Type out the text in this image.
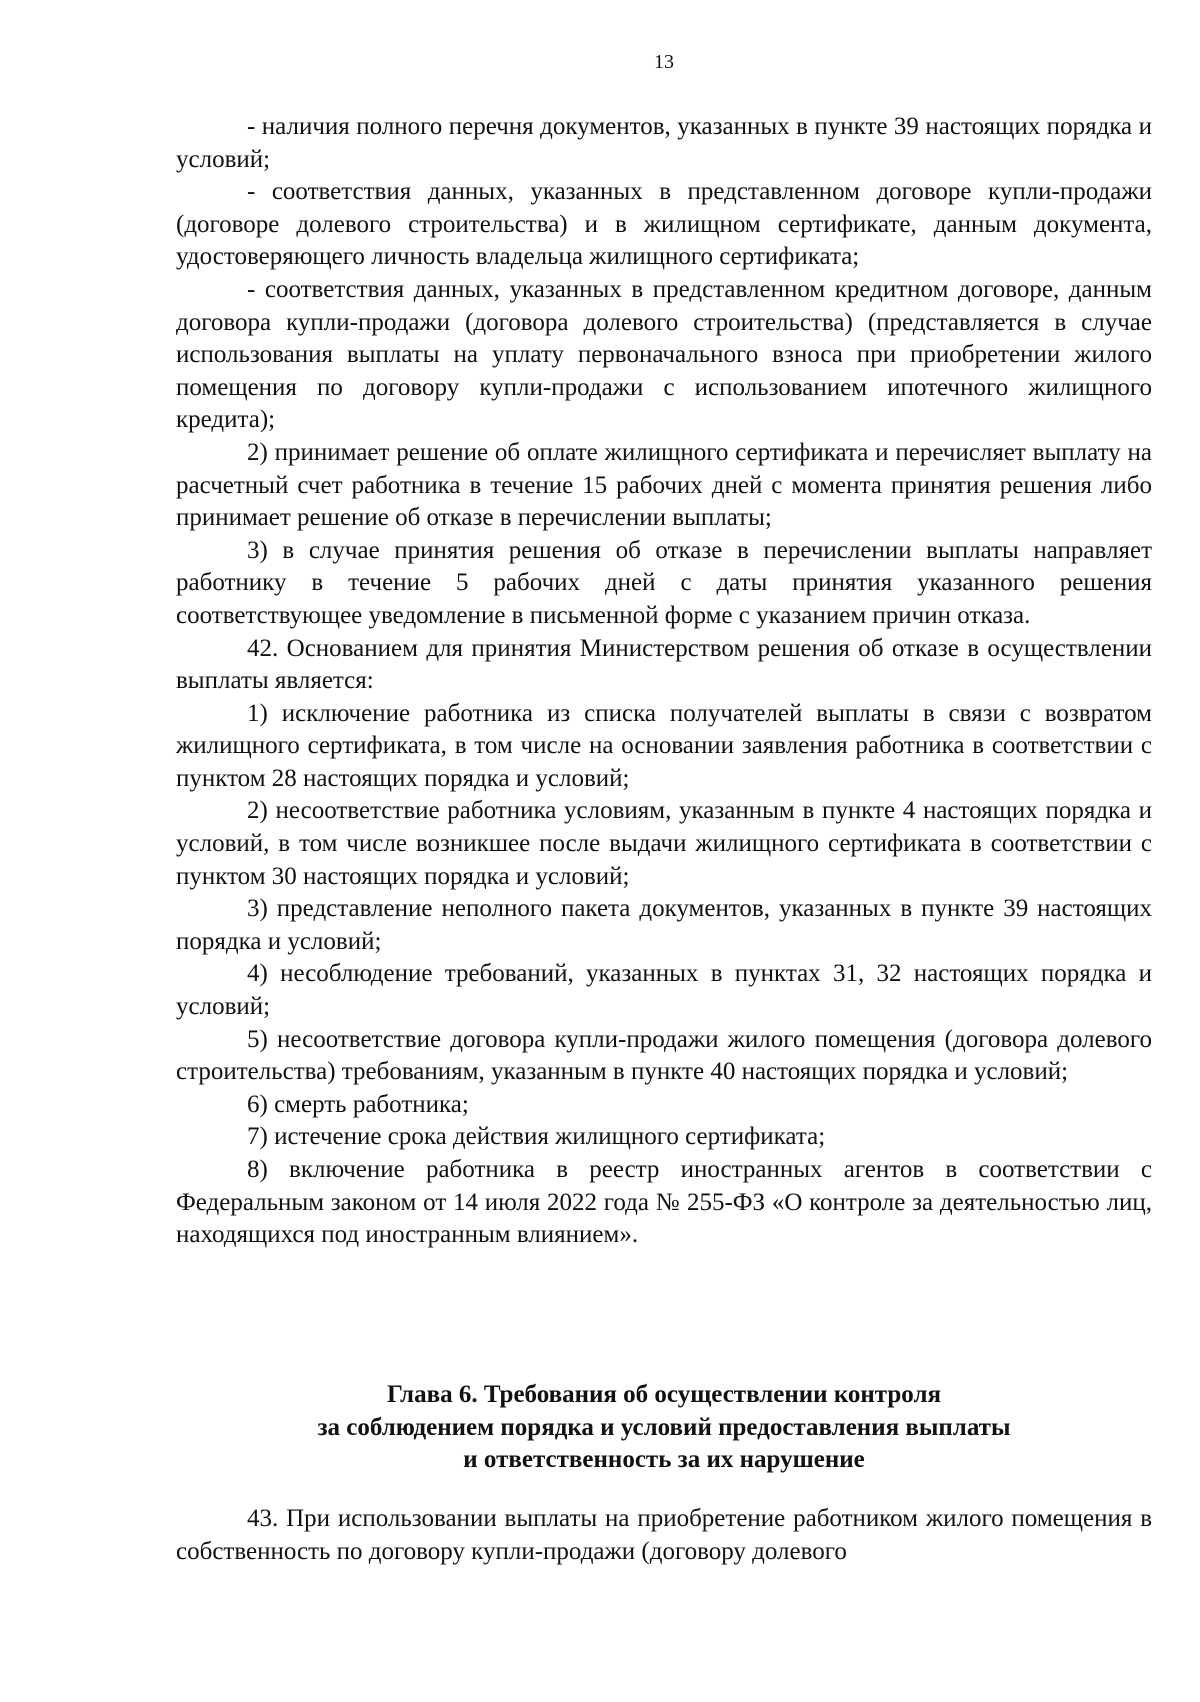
13

- наличия полного перечня документов, указанных в пункте 39 настоящих порядка и условий;

- соответствия данных, указанных в представленном договоре купли-продажи (договоре долевого строительства) и в жилищном сертификате, данным документа, удостоверяющего личность владельца жилищного сертификата;

- соответствия данных, указанных в представленном кредитном договоре, данным договора купли-продажи (договора долевого строительства) (представляется в случае использования выплаты на уплату первоначального взноса при приобретении жилого помещения по договору купли-продажи с использованием ипотечного жилищного кредита);

2) принимает решение об оплате жилищного сертификата и перечисляет выплату на расчетный счет работника в течение 15 рабочих дней с момента принятия решения либо принимает решение об отказе в перечислении выплаты;

3) в случае принятия решения об отказе в перечислении выплаты направляет работнику в течение 5 рабочих дней с даты принятия указанного решения соответствующее уведомление в письменной форме с указанием причин отказа.

42. Основанием для принятия Министерством решения об отказе в осуществлении выплаты является:

1) исключение работника из списка получателей выплаты в связи с возвратом жилищного сертификата, в том числе на основании заявления работника в соответствии с пунктом 28 настоящих порядка и условий;

2) несоответствие работника условиям, указанным в пункте 4 настоящих порядка и условий, в том числе возникшее после выдачи жилищного сертификата в соответствии с пунктом 30 настоящих порядка и условий;

3) представление неполного пакета документов, указанных в пункте 39 настоящих порядка и условий;

4) несоблюдение требований, указанных в пунктах 31, 32 настоящих порядка и условий;

5) несоответствие договора купли-продажи жилого помещения (договора долевого строительства) требованиям, указанным в пункте 40 настоящих порядка и условий;

6) смерть работника;

7) истечение срока действия жилищного сертификата;

8) включение работника в реестр иностранных агентов в соответствии с Федеральным законом от 14 июля 2022 года № 255-ФЗ «О контроле за деятельностью лиц, находящихся под иностранным влиянием».

Глава 6. Требования об осуществлении контроля
за соблюдением порядка и условий предоставления выплаты
и ответственность за их нарушение

43. При использовании выплаты на приобретение работником жилого помещения в собственность по договору купли-продажи (договору долевого
